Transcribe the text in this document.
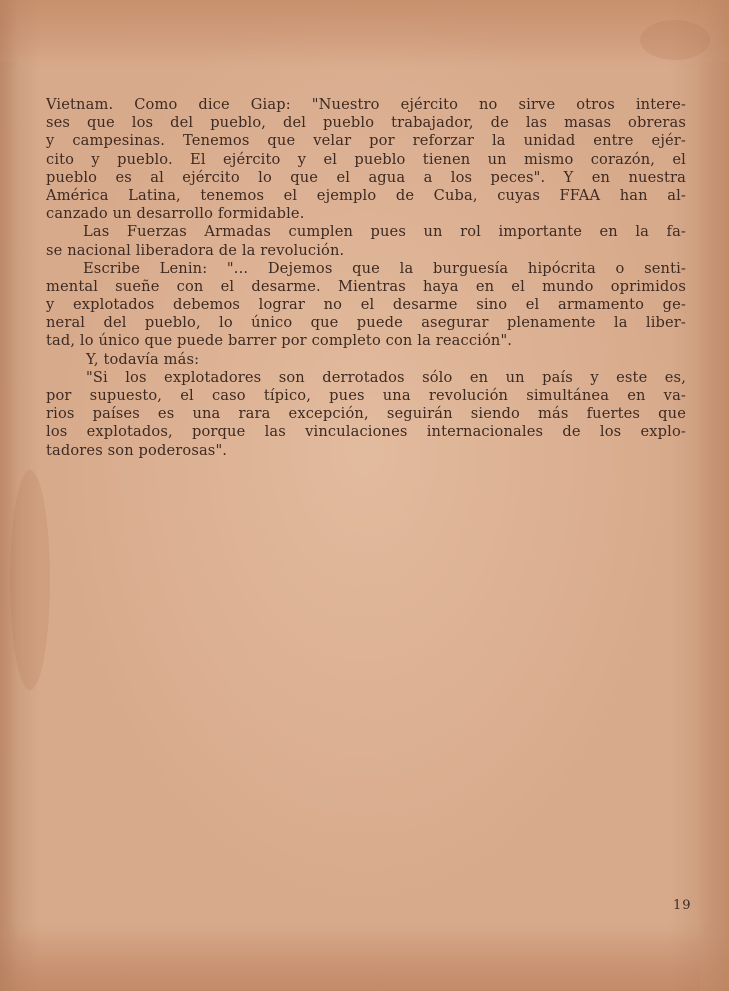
Vietnam. Como dice Giap: "Nuestro ejército no sirve otros intere-
ses que los del pueblo, del pueblo trabajador, de las masas obreras
y campesinas. Tenemos que velar por reforzar la unidad entre ejér-
cito y pueblo. El ejército y el pueblo tienen un mismo corazón, el
pueblo es al ejército lo que el agua a los peces". Y en nuestra
América Latina, tenemos el ejemplo de Cuba, cuyas FFAA han al-
canzado un desarrollo formidable.
Las Fuerzas Armadas cumplen pues un rol importante en la fa-
se nacional liberadora de la revolución.
Escribe Lenin: "... Dejemos que la burguesía hipócrita o senti-
mental sueñe con el desarme. Mientras haya en el mundo oprimidos
y explotados debemos lograr no el desarme sino el armamento ge-
neral del pueblo, lo único que puede asegurar plenamente la liber-
tad, lo único que puede barrer por completo con la reacción".
Y, todavía más:
"Si los explotadores son derrotados sólo en un país y este es,
por supuesto, el caso típico, pues una revolución simultánea en va-
rios países es una rara excepción, seguirán siendo más fuertes que
los explotados, porque las vinculaciones internacionales de los explo-
tadores son poderosas".
19
